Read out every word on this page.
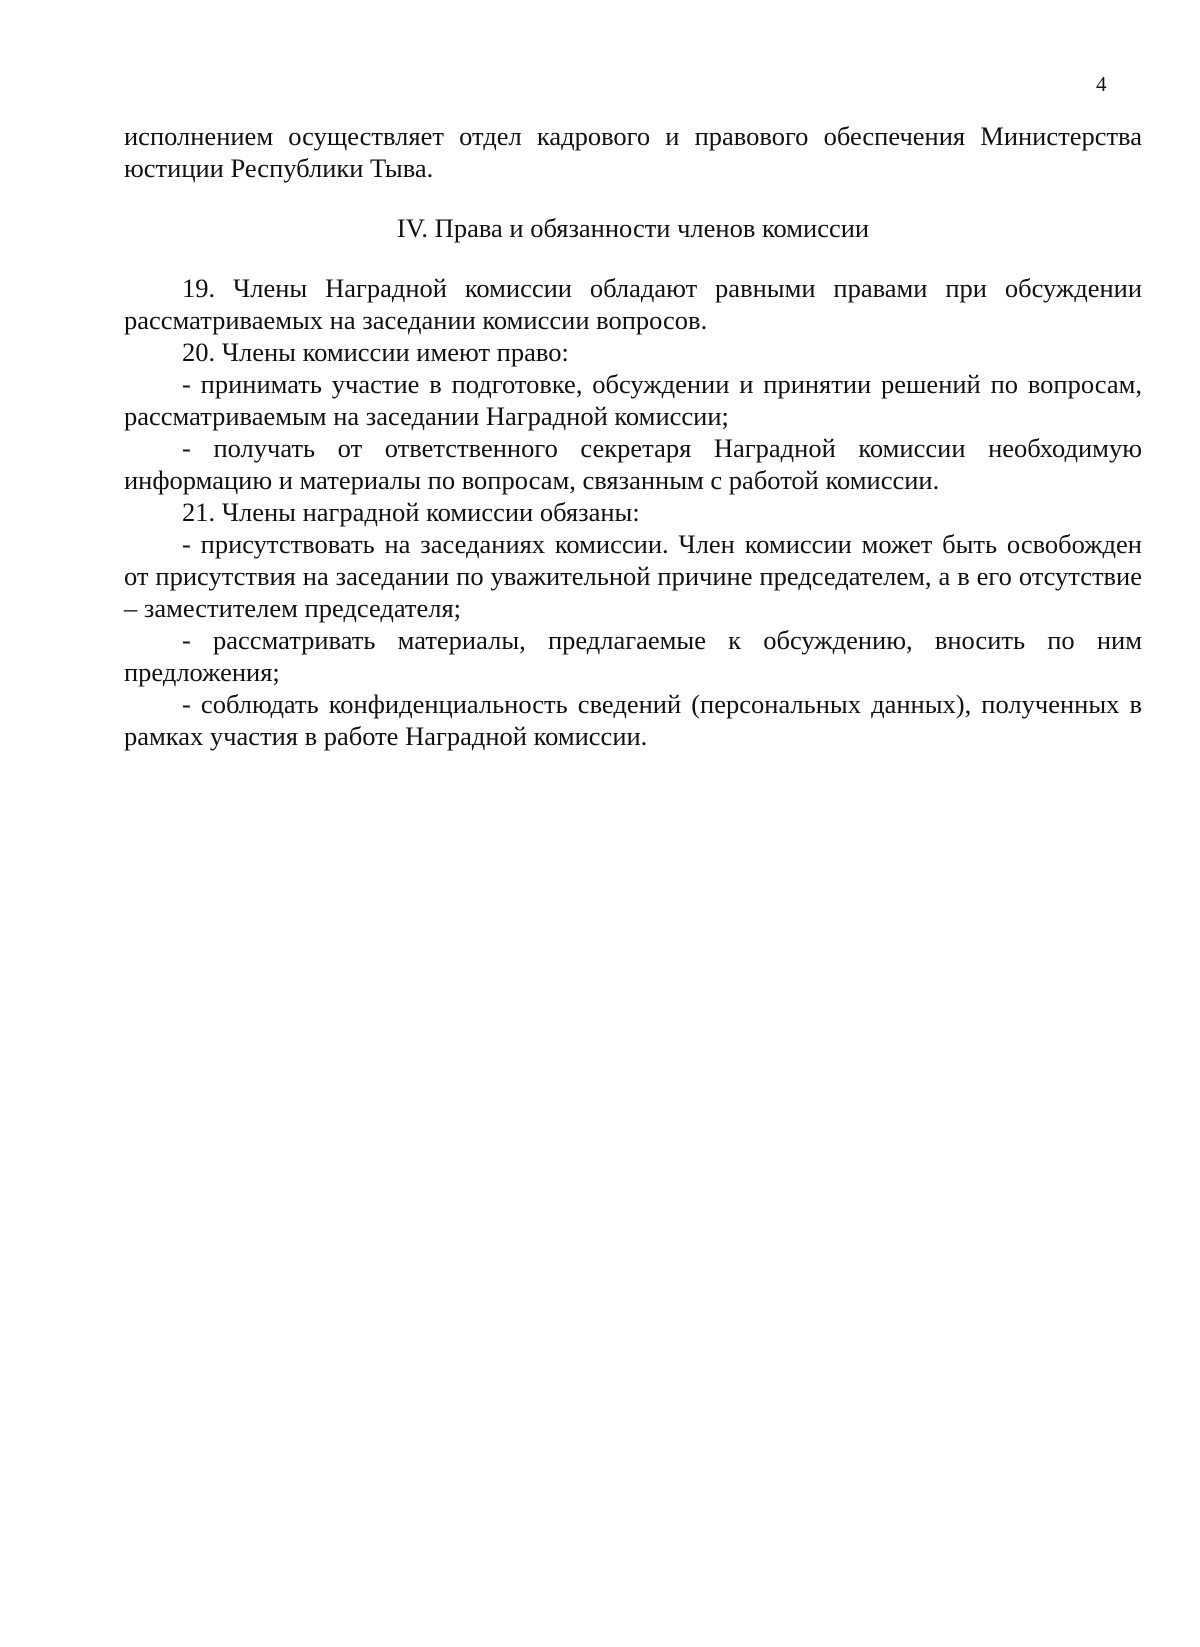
4

исполнением осуществляет отдел кадрового и правового обеспечения Министерства юстиции Республики Тыва.

IV. Права и обязанности членов комиссии

19. Члены Наградной комиссии обладают равными правами при обсуждении рассматриваемых на заседании комиссии вопросов.

20. Члены комиссии имеют право:

- принимать участие в подготовке, обсуждении и принятии решений по вопросам, рассматриваемым на заседании Наградной комиссии;

- получать от ответственного секретаря Наградной комиссии необходимую информацию и материалы по вопросам, связанным с работой комиссии.

21. Члены наградной комиссии обязаны:

- присутствовать на заседаниях комиссии. Член комиссии может быть освобожден от присутствия на заседании по уважительной причине председателем, а в его отсутствие – заместителем председателя;

- рассматривать материалы, предлагаемые к обсуждению, вносить по ним предложения;

- соблюдать конфиденциальность сведений (персональных данных), полученных в рамках участия в работе Наградной комиссии.
